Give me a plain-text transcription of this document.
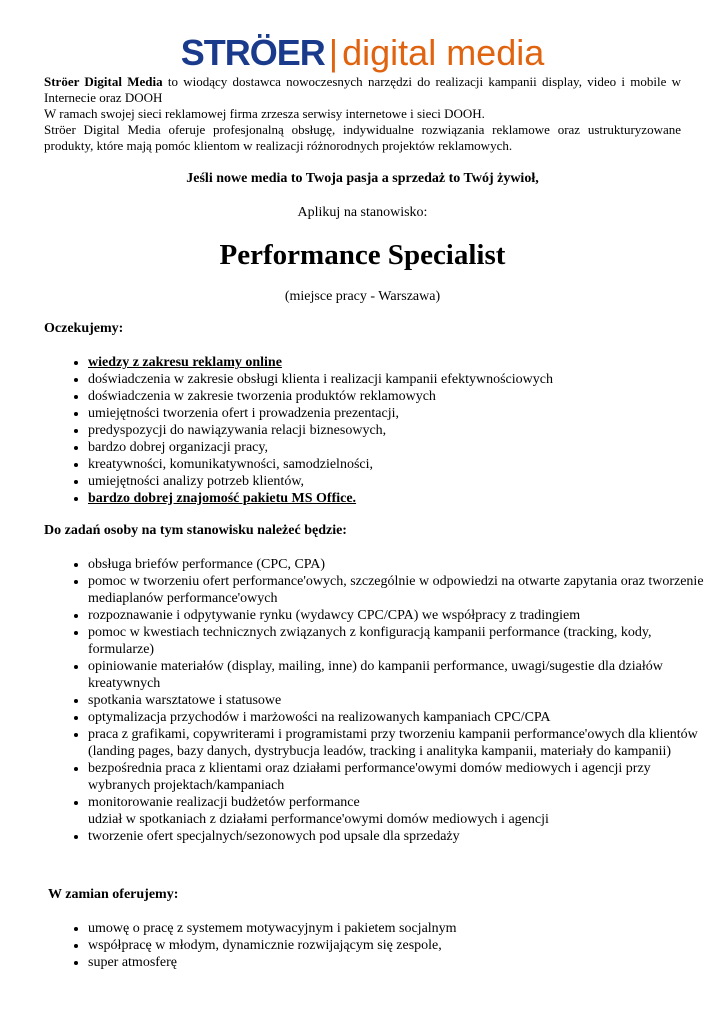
STRÖER | digital media

Ströer Digital Media to wiodący dostawca nowoczesnych narzędzi do realizacji kampanii display, video i mobile w Internecie oraz DOOH

W ramach swojej sieci reklamowej firma zrzesza serwisy internetowe i sieci DOOH.

Ströer Digital Media oferuje profesjonalną obsługę, indywidualne rozwiązania reklamowe oraz ustrukturyzowane produkty, które mają pomóc klientom w realizacji różnorodnych projektów reklamowych.

Jeśli nowe media to Twoja pasja a sprzedaż to Twój żywioł,
Aplikuj na stanowisko:
Performance Specialist
(miejsce pracy - Warszawa)
Oczekujemy:
• wiedzy z zakresu reklamy online
• doświadczenia w zakresie obsługi klienta i realizacji kampanii efektywnościowych
• doświadczenia w zakresie tworzenia produktów reklamowych
• umiejętności tworzenia ofert i prowadzenia prezentacji,
• predyspozycji do nawiązywania relacji biznesowych,
• bardzo dobrej organizacji pracy,
• kreatywności, komunikatywności, samodzielności,
• umiejętności analizy potrzeb klientów,
• bardzo dobrej znajomość pakietu MS Office.
Do zadań osoby na tym stanowisku należeć będzie:
• obsługa briefów performance (CPC, CPA)
• pomoc w tworzeniu ofert performance'owych, szczególnie w odpowiedzi na otwarte zapytania oraz tworzenie mediaplanów performance'owych
• rozpoznawanie i odpytywanie rynku (wydawcy CPC/CPA) we współpracy z tradingiem
• pomoc w kwestiach technicznych związanych z konfiguracją kampanii performance (tracking, kody, formularze)
• opiniowanie materiałów (display, mailing, inne) do kampanii performance, uwagi/sugestie dla działów kreatywnych
• spotkania warsztatowe i statusowe
• optymalizacja przychodów i marżowości na realizowanych kampaniach CPC/CPA
• praca z grafikami, copywriterami i programistami przy tworzeniu kampanii performance'owych dla klientów (landing pages, bazy danych, dystrybucja leadów, tracking i analityka kampanii, materiały do kampanii)
• bezpośrednia praca z klientami oraz działami performance'owymi domów mediowych i agencji przy wybranych projektach/kampaniach
• monitorowanie realizacji budżetów performance
udział w spotkaniach z działami performance'owymi domów mediowych i agencji
• tworzenie ofert specjalnych/sezonowych pod upsale dla sprzedaży
W zamian oferujemy:
• umowę o pracę z systemem motywacyjnym i pakietem socjalnym
• współpracę w młodym, dynamicznie rozwijającym się zespole,
• super atmosferę
